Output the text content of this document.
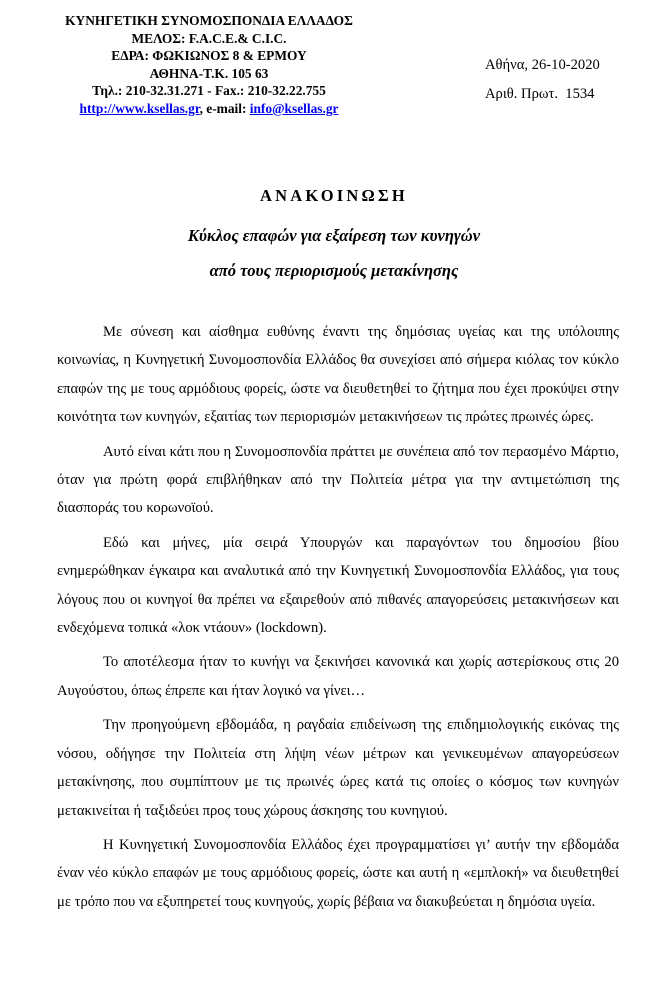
ΚΥΝΗΓΕΤΙΚΗ ΣΥΝΟΜΟΣΠΟΝΔΙΑ ΕΛΛΑΔΟΣ
ΜΕΛΟΣ: F.A.C.E.& C.I.C.
ΕΔΡΑ: ΦΩΚΙΩΝΟΣ 8 & ΕΡΜΟΥ
ΑΘΗΝΑ-Τ.Κ. 105 63
Τηλ.: 210-32.31.271 - Fax.: 210-32.22.755
http://www.ksellas.gr, e-mail: info@ksellas.gr
Αθήνα, 26-10-2020
Αριθ. Πρωτ.  1534
ΑΝΑΚΟΙΝΩΣΗ
Κύκλος επαφών για εξαίρεση των κυνηγών
από τους περιορισμούς μετακίνησης

Με σύνεση και αίσθημα ευθύνης έναντι της δημόσιας υγείας και της υπόλοιπης κοινωνίας, η Κυνηγετική Συνομοσπονδία Ελλάδος θα συνεχίσει από σήμερα κιόλας τον κύκλο επαφών της με τους αρμόδιους φορείς, ώστε να διευθετηθεί το ζήτημα που έχει προκύψει στην κοινότητα των κυνηγών, εξαιτίας των περιορισμών μετακινήσεων τις πρώτες πρωινές ώρες.

Αυτό είναι κάτι που η Συνομοσπονδία πράττει με συνέπεια από τον περασμένο Μάρτιο, όταν για πρώτη φορά επιβλήθηκαν από την Πολιτεία μέτρα για την αντιμετώπιση της διασποράς του κορωνοϊού.

Εδώ και μήνες, μία σειρά Υπουργών και παραγόντων του δημοσίου βίου ενημερώθηκαν έγκαιρα και αναλυτικά από την Κυνηγετική Συνομοσπονδία Ελλάδος, για τους λόγους που οι κυνηγοί θα πρέπει να εξαιρεθούν από πιθανές απαγορεύσεις μετακινήσεων και ενδεχόμενα τοπικά «λοκ ντάουν» (lockdown).

Το αποτέλεσμα ήταν το κυνήγι να ξεκινήσει κανονικά και χωρίς αστερίσκους στις 20 Αυγούστου, όπως έπρεπε και ήταν λογικό να γίνει…

Την προηγούμενη εβδομάδα, η ραγδαία επιδείνωση της επιδημιολογικής εικόνας της νόσου, οδήγησε την Πολιτεία στη λήψη νέων μέτρων και γενικευμένων απαγορεύσεων μετακίνησης, που συμπίπτουν με τις πρωινές ώρες κατά τις οποίες ο κόσμος των κυνηγών μετακινείται ή ταξιδεύει προς τους χώρους άσκησης του κυνηγιού.

Η Κυνηγετική Συνομοσπονδία Ελλάδος έχει προγραμματίσει γι’ αυτήν την εβδομάδα έναν νέο κύκλο επαφών με τους αρμόδιους φορείς, ώστε και αυτή η «εμπλοκή» να διευθετηθεί με τρόπο που να εξυπηρετεί τους κυνηγούς, χωρίς βέβαια να διακυβεύεται η δημόσια υγεία.
